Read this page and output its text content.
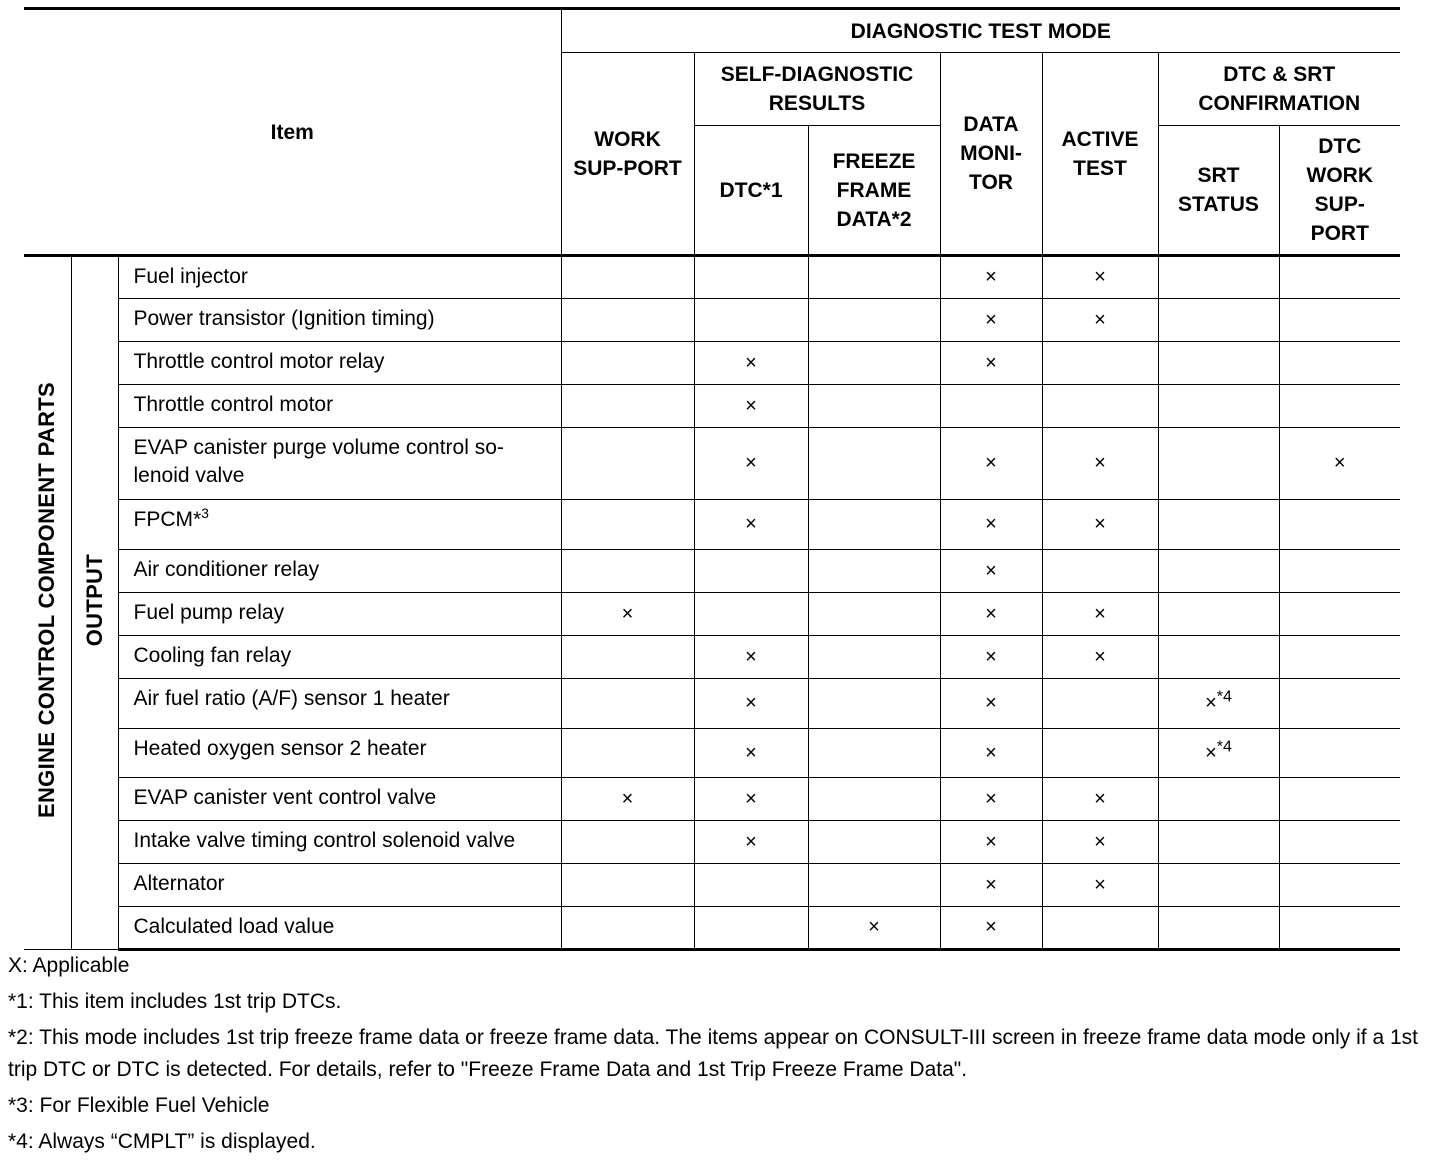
Item			DIAGNOSTIC TEST MODE						
			WORK SUP-PORT	SELF-DIAGNOSTIC RESULTS		DATA MONI-TOR	ACTIVE TEST	DTC & SRT CONFIRMATION	
				DTC*1	FREEZE FRAME DATA*2			SRT STATUS	DTC WORK SUP-PORT
ENGINE CONTROL COMPONENT PARTS	OUTPUT	Fuel injector				×	×		
		Power transistor (Ignition timing)				×	×		
		Throttle control motor relay		×		×			
		Throttle control motor		×					
		EVAP canister purge volume control so-lenoid valve		×		×	×		×
		FPCM*$^3$		×		×	×		
		Air conditioner relay				×			
		Fuel pump relay	×			×	×		
		Cooling fan relay		×		×	×		
		Air fuel ratio (A/F) sensor 1 heater		×		×		×$^{*4}$	
		Heated oxygen sensor 2 heater		×		×		×$^{*4}$	
		EVAP canister vent control valve	×	×		×	×		
		Intake valve timing control solenoid valve		×		×	×		
		Alternator				×	×		
		Calculated load value			×	×			

X: Applicable

*1: This item includes 1st trip DTCs.

*2: This mode includes 1st trip freeze frame data or freeze frame data. The items appear on CONSULT-III screen in freeze frame data mode only if a 1st trip DTC or DTC is detected. For details, refer to "Freeze Frame Data and 1st Trip Freeze Frame Data".

*3: For Flexible Fuel Vehicle

*4: Always “CMPLT” is displayed.
